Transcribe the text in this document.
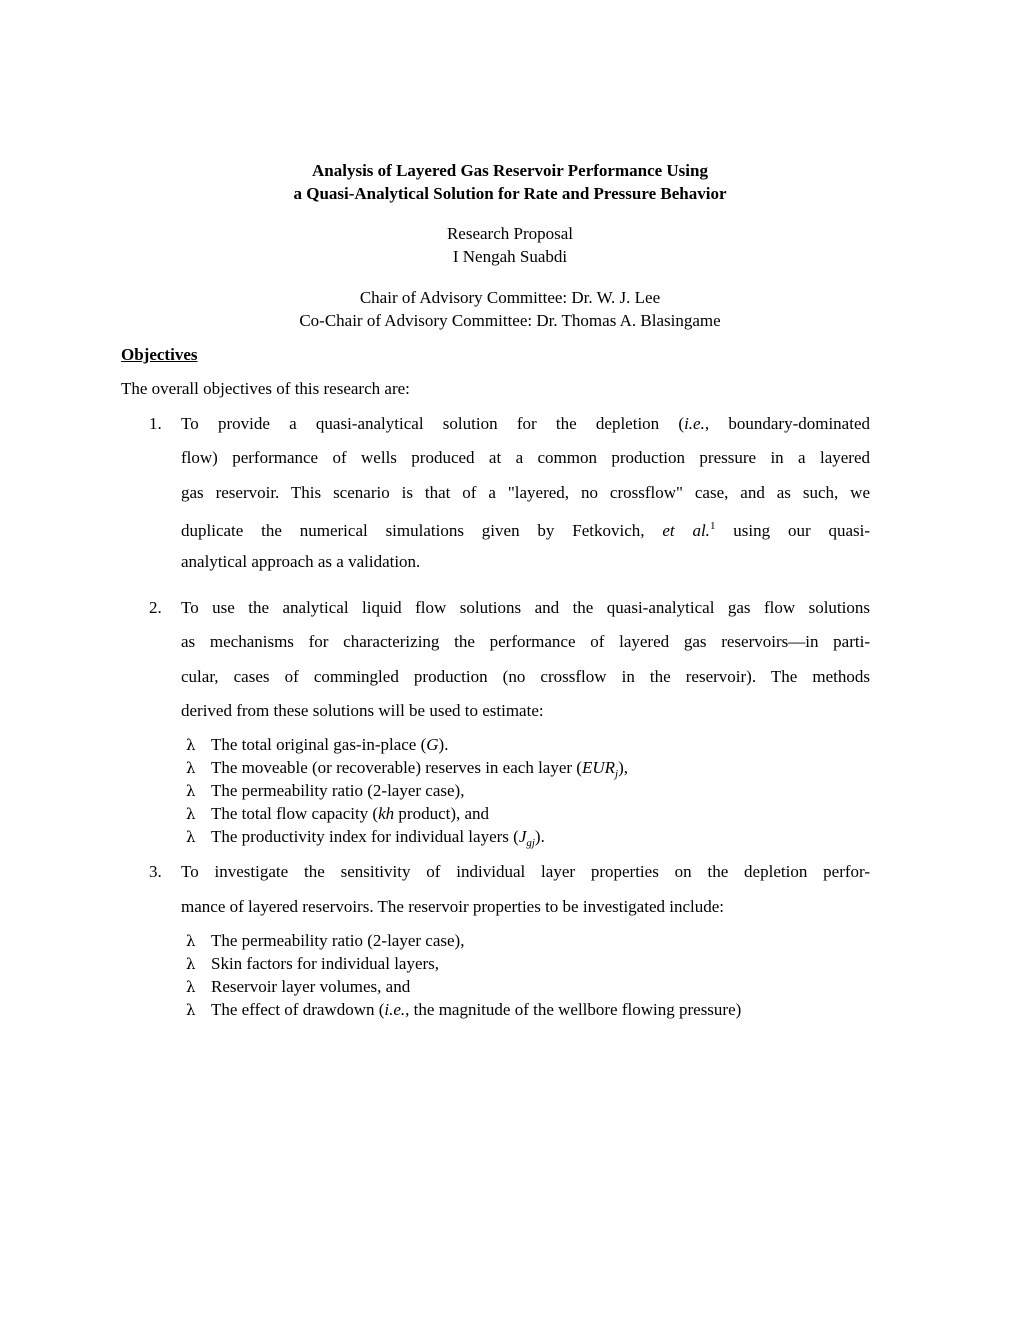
Analysis of Layered Gas Reservoir Performance Using
a Quasi-Analytical Solution for Rate and Pressure Behavior
Research Proposal
I Nengah Suabdi
Chair of Advisory Committee: Dr. W. J. Lee
Co-Chair of Advisory Committee: Dr. Thomas A. Blasingame
Objectives
The overall objectives of this research are:
1.	To provide a quasi-analytical solution for the depletion (i.e., boundary-dominated
flow) performance of wells produced at a common production pressure in a layered
gas reservoir. This scenario is that of a "layered, no crossflow" case, and as such, we
duplicate the numerical simulations given by Fetkovich, et al.$^1$ using our quasi-
analytical approach as a validation.
2.	To use the analytical liquid flow solutions and the quasi-analytical gas flow solutions
as mechanisms for characterizing the performance of layered gas reservoirs—in parti-
cular, cases of commingled production (no crossflow in the reservoir). The methods
derived from these solutions will be used to estimate:
λ The total original gas-in-place (G).
λ The moveable (or recoverable) reserves in each layer $(EUR_j)$,
λ The permeability ratio (2-layer case),
λ The total flow capacity (kh product), and
λ The productivity index for individual layers $(J_{gj})$.
3.	To investigate the sensitivity of individual layer properties on the depletion perfor-
mance of layered reservoirs. The reservoir properties to be investigated include:
λ The permeability ratio (2-layer case),
λ Skin factors for individual layers,
λ Reservoir layer volumes, and
λ The effect of drawdown (i.e., the magnitude of the wellbore flowing pressure)
